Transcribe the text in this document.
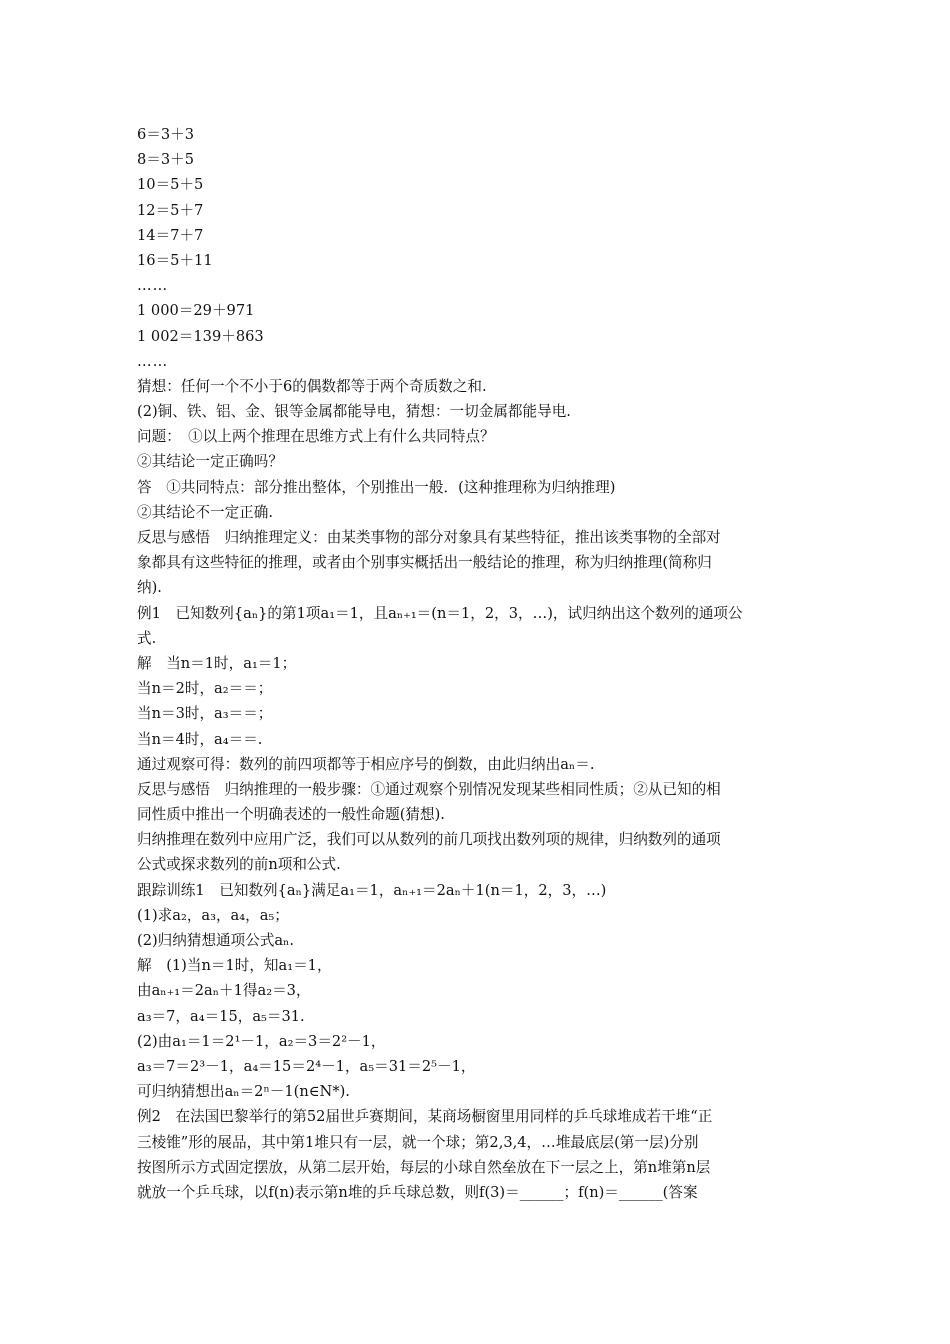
6＝3＋3
8＝3＋5
10＝5＋5
12＝5＋7
14＝7＋7
16＝5＋11
……
1 000＝29＋971
1 002＝139＋863
……
猜想：任何一个不小于6的偶数都等于两个奇质数之和.
(2)铜、铁、铝、金、银等金属都能导电，猜想：一切金属都能导电.
问题：　①以上两个推理在思维方式上有什么共同特点？
②其结论一定正确吗？
答　①共同特点：部分推出整体，个别推出一般．(这种推理称为归纳推理)
②其结论不一定正确.
反思与感悟　归纳推理定义：由某类事物的部分对象具有某些特征，推出该类事物的全部对
象都具有这些特征的推理，或者由个别事实概括出一般结论的推理，称为归纳推理(简称归
纳).
例1　已知数列{aₙ}的第1项a₁＝1，且aₙ₊₁＝(n＝1，2，3，…)，试归纳出这个数列的通项公
式.
解　当n＝1时，a₁＝1；
当n＝2时，a₂＝＝；
当n＝3时，a₃＝＝；
当n＝4时，a₄＝＝.
通过观察可得：数列的前四项都等于相应序号的倒数，由此归纳出aₙ＝.
反思与感悟　归纳推理的一般步骤：①通过观察个别情况发现某些相同性质；②从已知的相
同性质中推出一个明确表述的一般性命题(猜想).
归纳推理在数列中应用广泛，我们可以从数列的前几项找出数列项的规律，归纳数列的通项
公式或探求数列的前n项和公式.
跟踪训练1　已知数列{aₙ}满足a₁＝1，aₙ₊₁＝2aₙ＋1(n＝1，2，3，…)
(1)求a₂，a₃，a₄，a₅；
(2)归纳猜想通项公式aₙ.
解　(1)当n＝1时，知a₁＝1，
由aₙ₊₁＝2aₙ＋1得a₂＝3，
a₃＝7，a₄＝15，a₅＝31.
(2)由a₁＝1＝2¹－1，a₂＝3＝2²－1，
a₃＝7＝2³－1，a₄＝15＝2⁴－1，a₅＝31＝2⁵－1，
可归纳猜想出aₙ＝2ⁿ－1(n∈N*).
例2　在法国巴黎举行的第52届世乒赛期间，某商场橱窗里用同样的乒乓球堆成若干堆“正
三棱锥”形的展品，其中第1堆只有一层，就一个球；第2,3,4，…堆最底层(第一层)分别
按图所示方式固定摆放，从第二层开始，每层的小球自然垒放在下一层之上，第n堆第n层
就放一个乒乓球，以f(n)表示第n堆的乒乓球总数，则f(3)＝______；f(n)＝______(答案
